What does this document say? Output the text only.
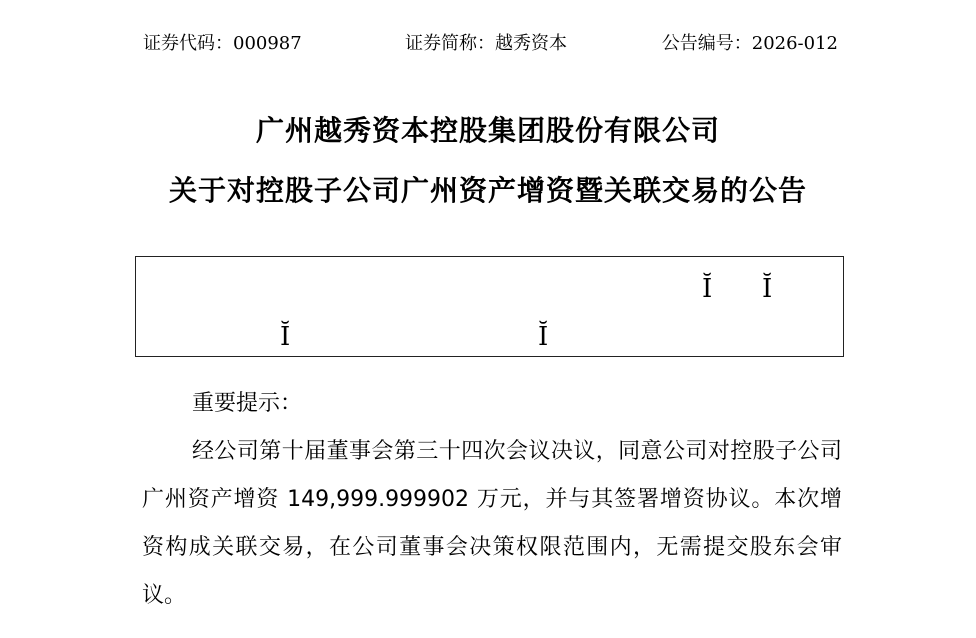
证券代码：000987	证券简称：越秀资本	公告编号：2026-012
广州越秀资本控股集团股份有限公司
关于对控股子公司广州资产增资暨关联交易的公告
Ĭ Ĭ
Ĭ	Ĭ
重要提示：
经公司第十届董事会第三十四次会议决议，同意公司对控股子公司广州资产增资 149,999.999902 万元，并与其签署增资协议。本次增资构成关联交易，在公司董事会决策权限范围内，无需提交股东会审议。
